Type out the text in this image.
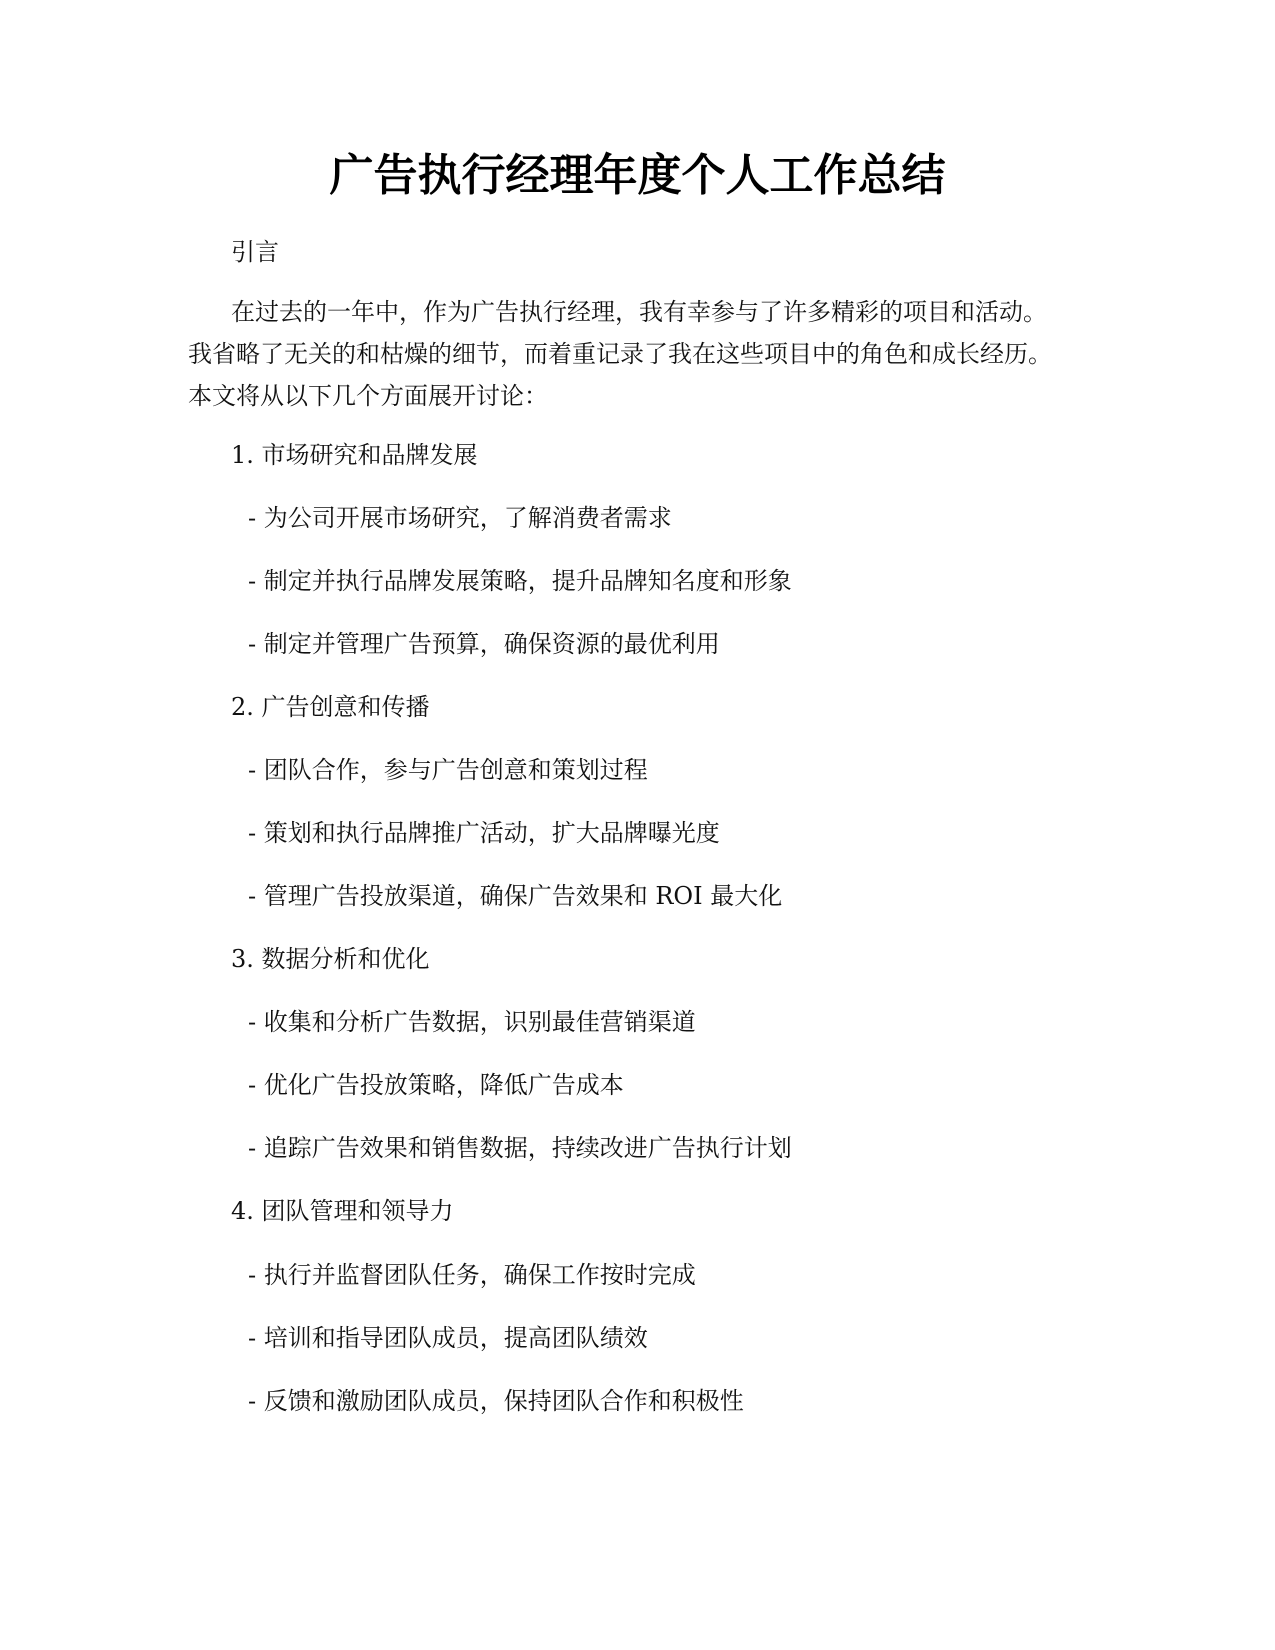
广告执行经理年度个人工作总结
引言
在过去的一年中，作为广告执行经理，我有幸参与了许多精彩的项目和活动。
我省略了无关的和枯燥的细节，而着重记录了我在这些项目中的角色和成长经历。
本文将从以下几个方面展开讨论：
1. 市场研究和品牌发展
- 为公司开展市场研究，了解消费者需求
- 制定并执行品牌发展策略，提升品牌知名度和形象
- 制定并管理广告预算，确保资源的最优利用
2. 广告创意和传播
- 团队合作，参与广告创意和策划过程
- 策划和执行品牌推广活动，扩大品牌曝光度
- 管理广告投放渠道，确保广告效果和 ROI 最大化
3. 数据分析和优化
- 收集和分析广告数据，识别最佳营销渠道
- 优化广告投放策略，降低广告成本
- 追踪广告效果和销售数据，持续改进广告执行计划
4. 团队管理和领导力
- 执行并监督团队任务，确保工作按时完成
- 培训和指导团队成员，提高团队绩效
- 反馈和激励团队成员，保持团队合作和积极性
